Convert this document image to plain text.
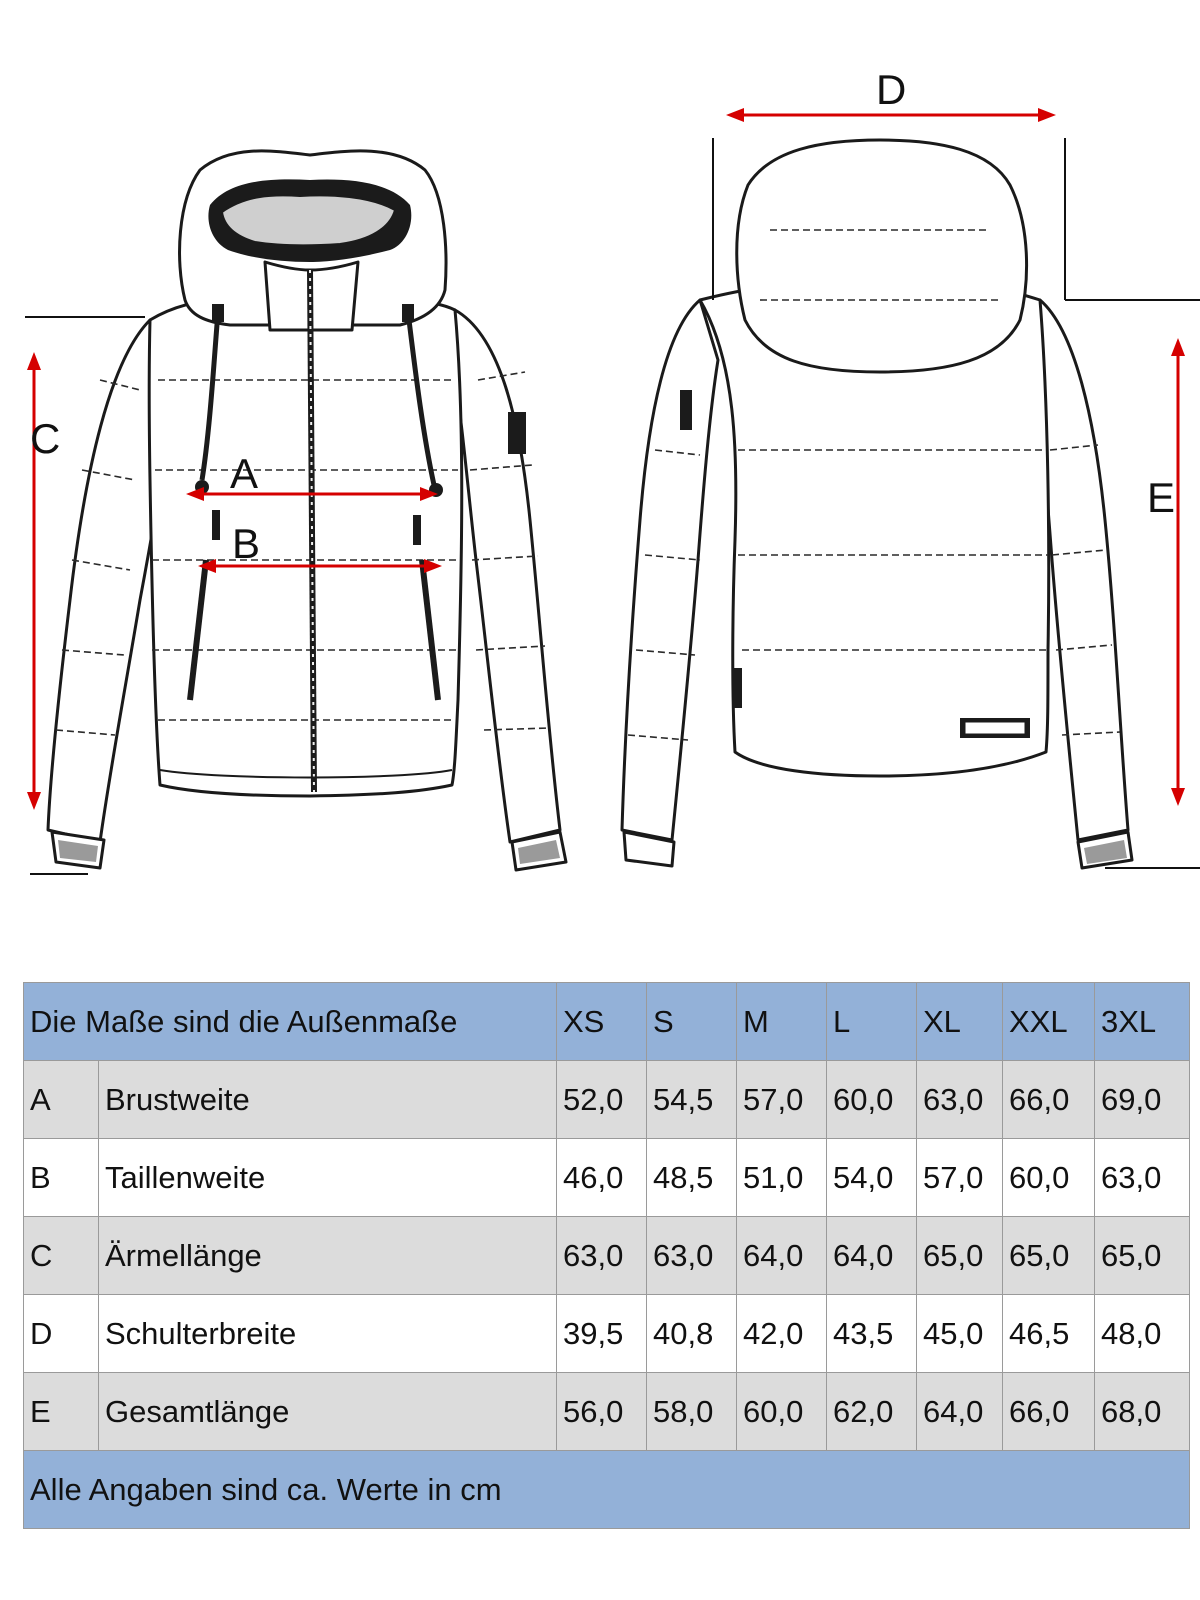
A
B
C
D
E
Die Maße sind die Außenmaße		XS	S	M	L	XL	XXL	3XL
A	Brustweite	52,0	54,5	57,0	60,0	63,0	66,0	69,0
B	Taillenweite	46,0	48,5	51,0	54,0	57,0	60,0	63,0
C	Ärmellänge	63,0	63,0	64,0	64,0	65,0	65,0	65,0
D	Schulterbreite	39,5	40,8	42,0	43,5	45,0	46,5	48,0
E	Gesamtlänge	56,0	58,0	60,0	62,0	64,0	66,0	68,0
Alle Angaben sind ca. Werte in cm								
